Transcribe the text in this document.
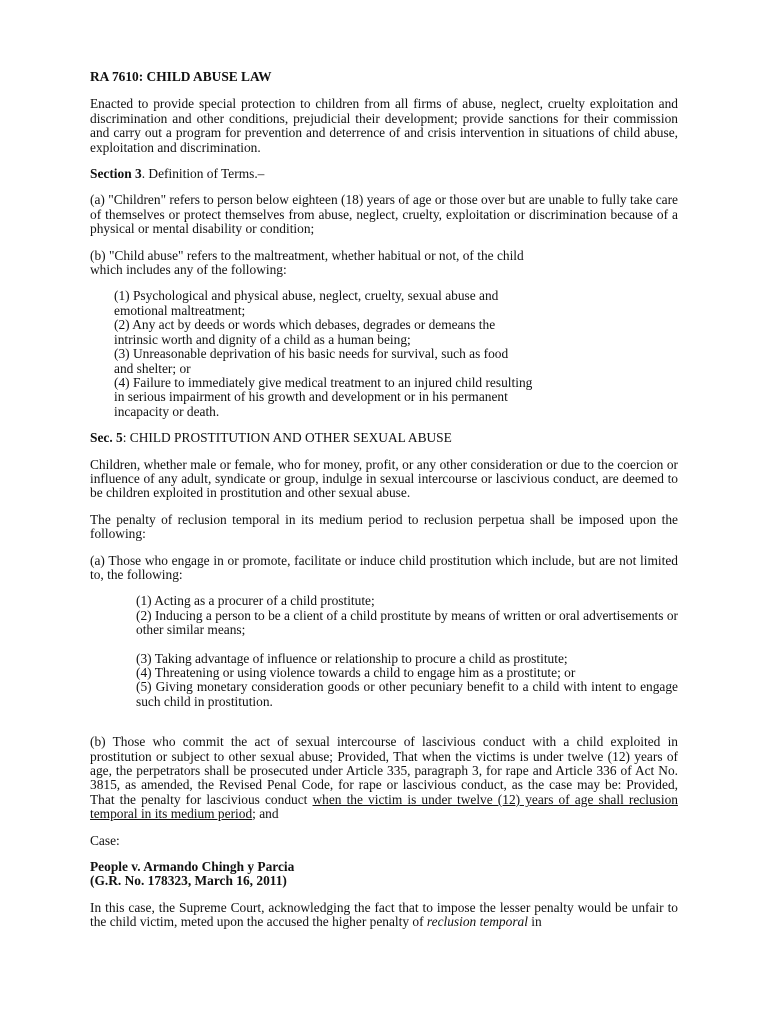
RA 7610: CHILD ABUSE LAW

Enacted to provide special protection to children from all firms of abuse, neglect, cruelty exploitation and discrimination and other conditions, prejudicial their development; provide sanctions for their commission and carry out a program for prevention and deterrence of and crisis intervention in situations of child abuse, exploitation and discrimination.

Section 3. Definition of Terms.–

(a) "Children" refers to person below eighteen (18) years of age or those over but are unable to fully take care of themselves or protect themselves from abuse, neglect, cruelty, exploitation or discrimination because of a physical or mental disability or condition;

(b) "Child abuse" refers to the maltreatment, whether habitual or not, of the child

which includes any of the following:

(1) Psychological and physical abuse, neglect, cruelty, sexual abuse and

emotional maltreatment;

(2) Any act by deeds or words which debases, degrades or demeans the

intrinsic worth and dignity of a child as a human being;

(3) Unreasonable deprivation of his basic needs for survival, such as food

and shelter; or

(4) Failure to immediately give medical treatment to an injured child resulting

in serious impairment of his growth and development or in his permanent

incapacity or death.

Sec. 5: CHILD PROSTITUTION AND OTHER SEXUAL ABUSE

Children, whether male or female, who for money, profit, or any other consideration or due to the coercion or influence of any adult, syndicate or group, indulge in sexual intercourse or lascivious conduct, are deemed to be children exploited in prostitution and other sexual abuse.

The penalty of reclusion temporal in its medium period to reclusion perpetua shall be imposed upon the following:

(a) Those who engage in or promote, facilitate or induce child prostitution which include, but are not limited to, the following:

(1) Acting as a procurer of a child prostitute;

(2) Inducing a person to be a client of a child prostitute by means of written or oral advertisements or other similar means;

(3) Taking advantage of influence or relationship to procure a child as prostitute;

(4) Threatening or using violence towards a child to engage him as a prostitute; or

(5) Giving monetary consideration goods or other pecuniary benefit to a child with intent to engage such child in prostitution.

(b) Those who commit the act of sexual intercourse of lascivious conduct with a child exploited in prostitution or subject to other sexual abuse; Provided, That when the victims is under twelve (12) years of age, the perpetrators shall be prosecuted under Article 335, paragraph 3, for rape and Article 336 of Act No. 3815, as amended, the Revised Penal Code, for rape or lascivious conduct, as the case may be: Provided, That the penalty for lascivious conduct when the victim is under twelve (12) years of age shall reclusion temporal in its medium period; and

Case:

People v. Armando Chingh y Parcia

(G.R. No. 178323, March 16, 2011)

In this case, the Supreme Court, acknowledging the fact that to impose the lesser penalty would be unfair to the child victim, meted upon the accused the higher penalty of reclusion temporal in
